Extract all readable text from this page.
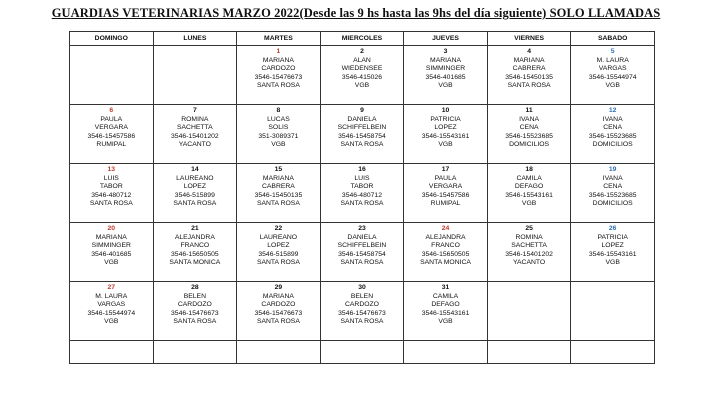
GUARDIAS VETERINARIAS MARZO 2022(Desde las 9 hs hasta las 9hs del día siguiente) SOLO LLAMADAS
DOMINGO	LUNES	MARTES	MIERCOLES	JUEVES	VIERNES	SABADO

		1
MARIANA
CARDOZO
3546-15476673
SANTA ROSA	2
ALAN
WIEDENSEE
3546-415026
VGB	3
MARIANA
SIMMINGER
3546-401685
VGB	4
MARIANA
CABRERA
3546-15450135
SANTA ROSA	5
M. LAURA
VARGAS
3546-15544974
VGB

6
PAULA
VERGARA
3546-15457586
RUMIPAL	7
ROMINA
SACHETTA
3546-15401202
YACANTO	8
LUCAS
SOLIS
351-3089371
VGB	9
DANIELA
SCHIFFELBEIN
3546-15458754
SANTA ROSA	10
PATRICIA
LOPEZ
3546-15543161
VGB	11
IVANA
CENA
3546-15523685
DOMICILIOS	12
IVANA
CENA
3546-15523685
DOMICILIOS

13
LUIS
TABOR
3546-480712
SANTA ROSA	14
LAUREANO
LOPEZ
3546-515899
SANTA ROSA	15
MARIANA
CABRERA
3546-15450135
SANTA ROSA	16
LUIS
TABOR
3546-480712
SANTA ROSA	17
PAULA
VERGARA
3546-15457586
RUMIPAL	18
CAMILA
DEFAGO
3546-15543161
VGB	19
IVANA
CENA
3546-15523685
DOMICILIOS

20
MARIANA
SIMMINGER
3546-401685
VGB	21
ALEJANDRA
FRANCO
3546-15650505
SANTA MONICA	22
LAUREANO
LOPEZ
3546-515899
SANTA ROSA	23
DANIELA
SCHIFFELBEIN
3546-15458754
SANTA ROSA	24
ALEJANDRA
FRANCO
3546-15650505
SANTA MONICA	25
ROMINA
SACHETTA
3546-15401202
YACANTO	26
PATRICIA
LOPEZ
3546-15543161
VGB

27
M. LAURA
VARGAS
3546-15544974
VGB	28
BELEN
CARDOZO
3546-15476673
SANTA ROSA	29
MARIANA
CARDOZO
3546-15476673
SANTA ROSA	30
BELEN
CARDOZO
3546-15476673
SANTA ROSA	31
CAMILA
DEFAGO
3546-15543161
VGB		
